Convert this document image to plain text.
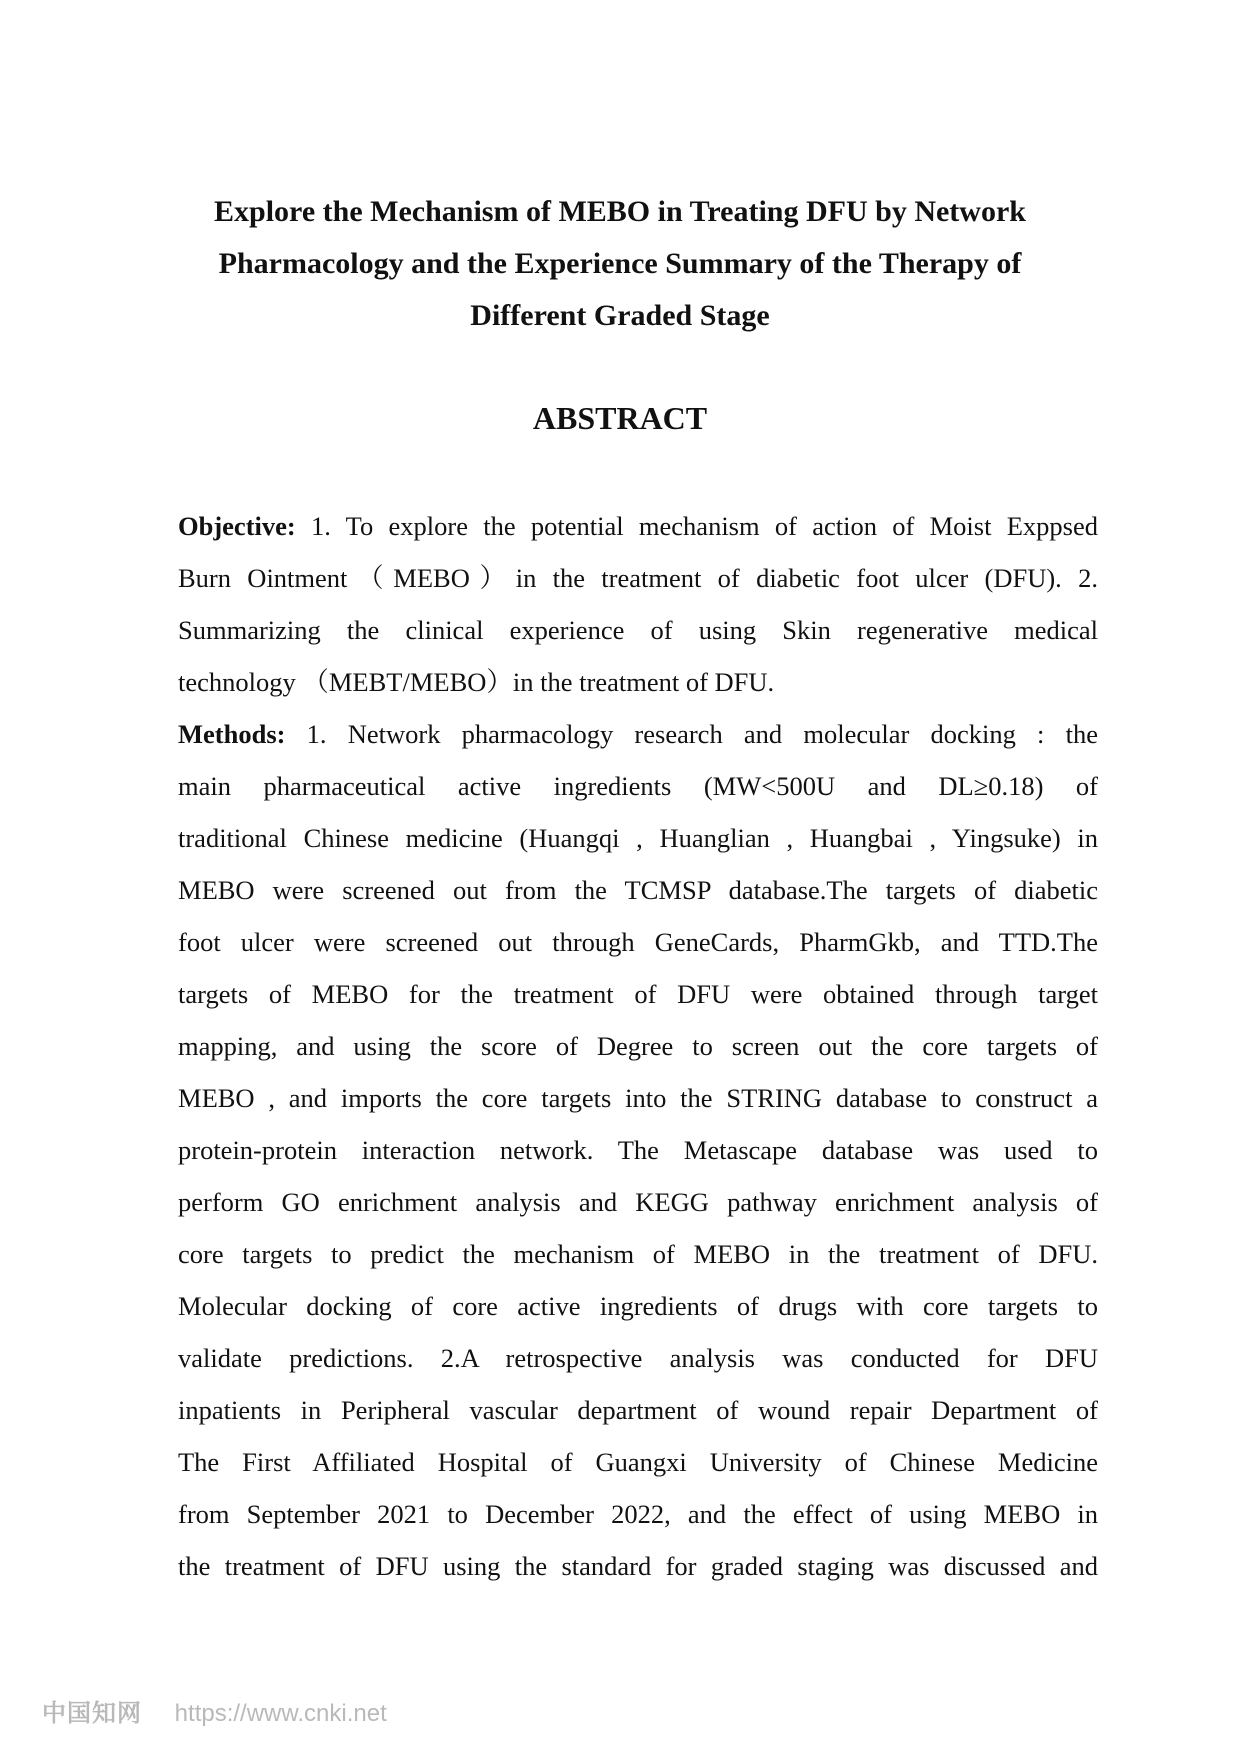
Explore the Mechanism of MEBO in Treating DFU by Network
Pharmacology and the Experience Summary of the Therapy of
Different Graded Stage
ABSTRACT
Objective: 1. To explore the potential mechanism of action of Moist Exppsed
Burn Ointment（MEBO）in the treatment of diabetic foot ulcer (DFU). 2.
Summarizing the clinical experience of using Skin regenerative medical
technology （MEBT/MEBO）in the treatment of DFU.
Methods: 1. Network pharmacology research and molecular docking : the
main pharmaceutical active ingredients (MW<500U and DL≥0.18) of
traditional Chinese medicine (Huangqi , Huanglian , Huangbai , Yingsuke) in
MEBO were screened out from the TCMSP database.The targets of diabetic
foot ulcer were screened out through GeneCards, PharmGkb, and TTD.The
targets of MEBO for the treatment of DFU were obtained through target
mapping, and using the score of Degree to screen out the core targets of
MEBO , and imports the core targets into the STRING database to construct a
protein-protein interaction network. The Metascape database was used to
perform GO enrichment analysis and KEGG pathway enrichment analysis of
core targets to predict the mechanism of MEBO in the treatment of DFU.
Molecular docking of core active ingredients of drugs with core targets to
validate predictions. 2.A retrospective analysis was conducted for DFU
inpatients in Peripheral vascular department of wound repair Department of
The First Affiliated Hospital of Guangxi University of Chinese Medicine
from September 2021 to December 2022, and the effect of using MEBO in
the treatment of DFU using the standard for graded staging was discussed and
中国知网 https://www.cnki.net
